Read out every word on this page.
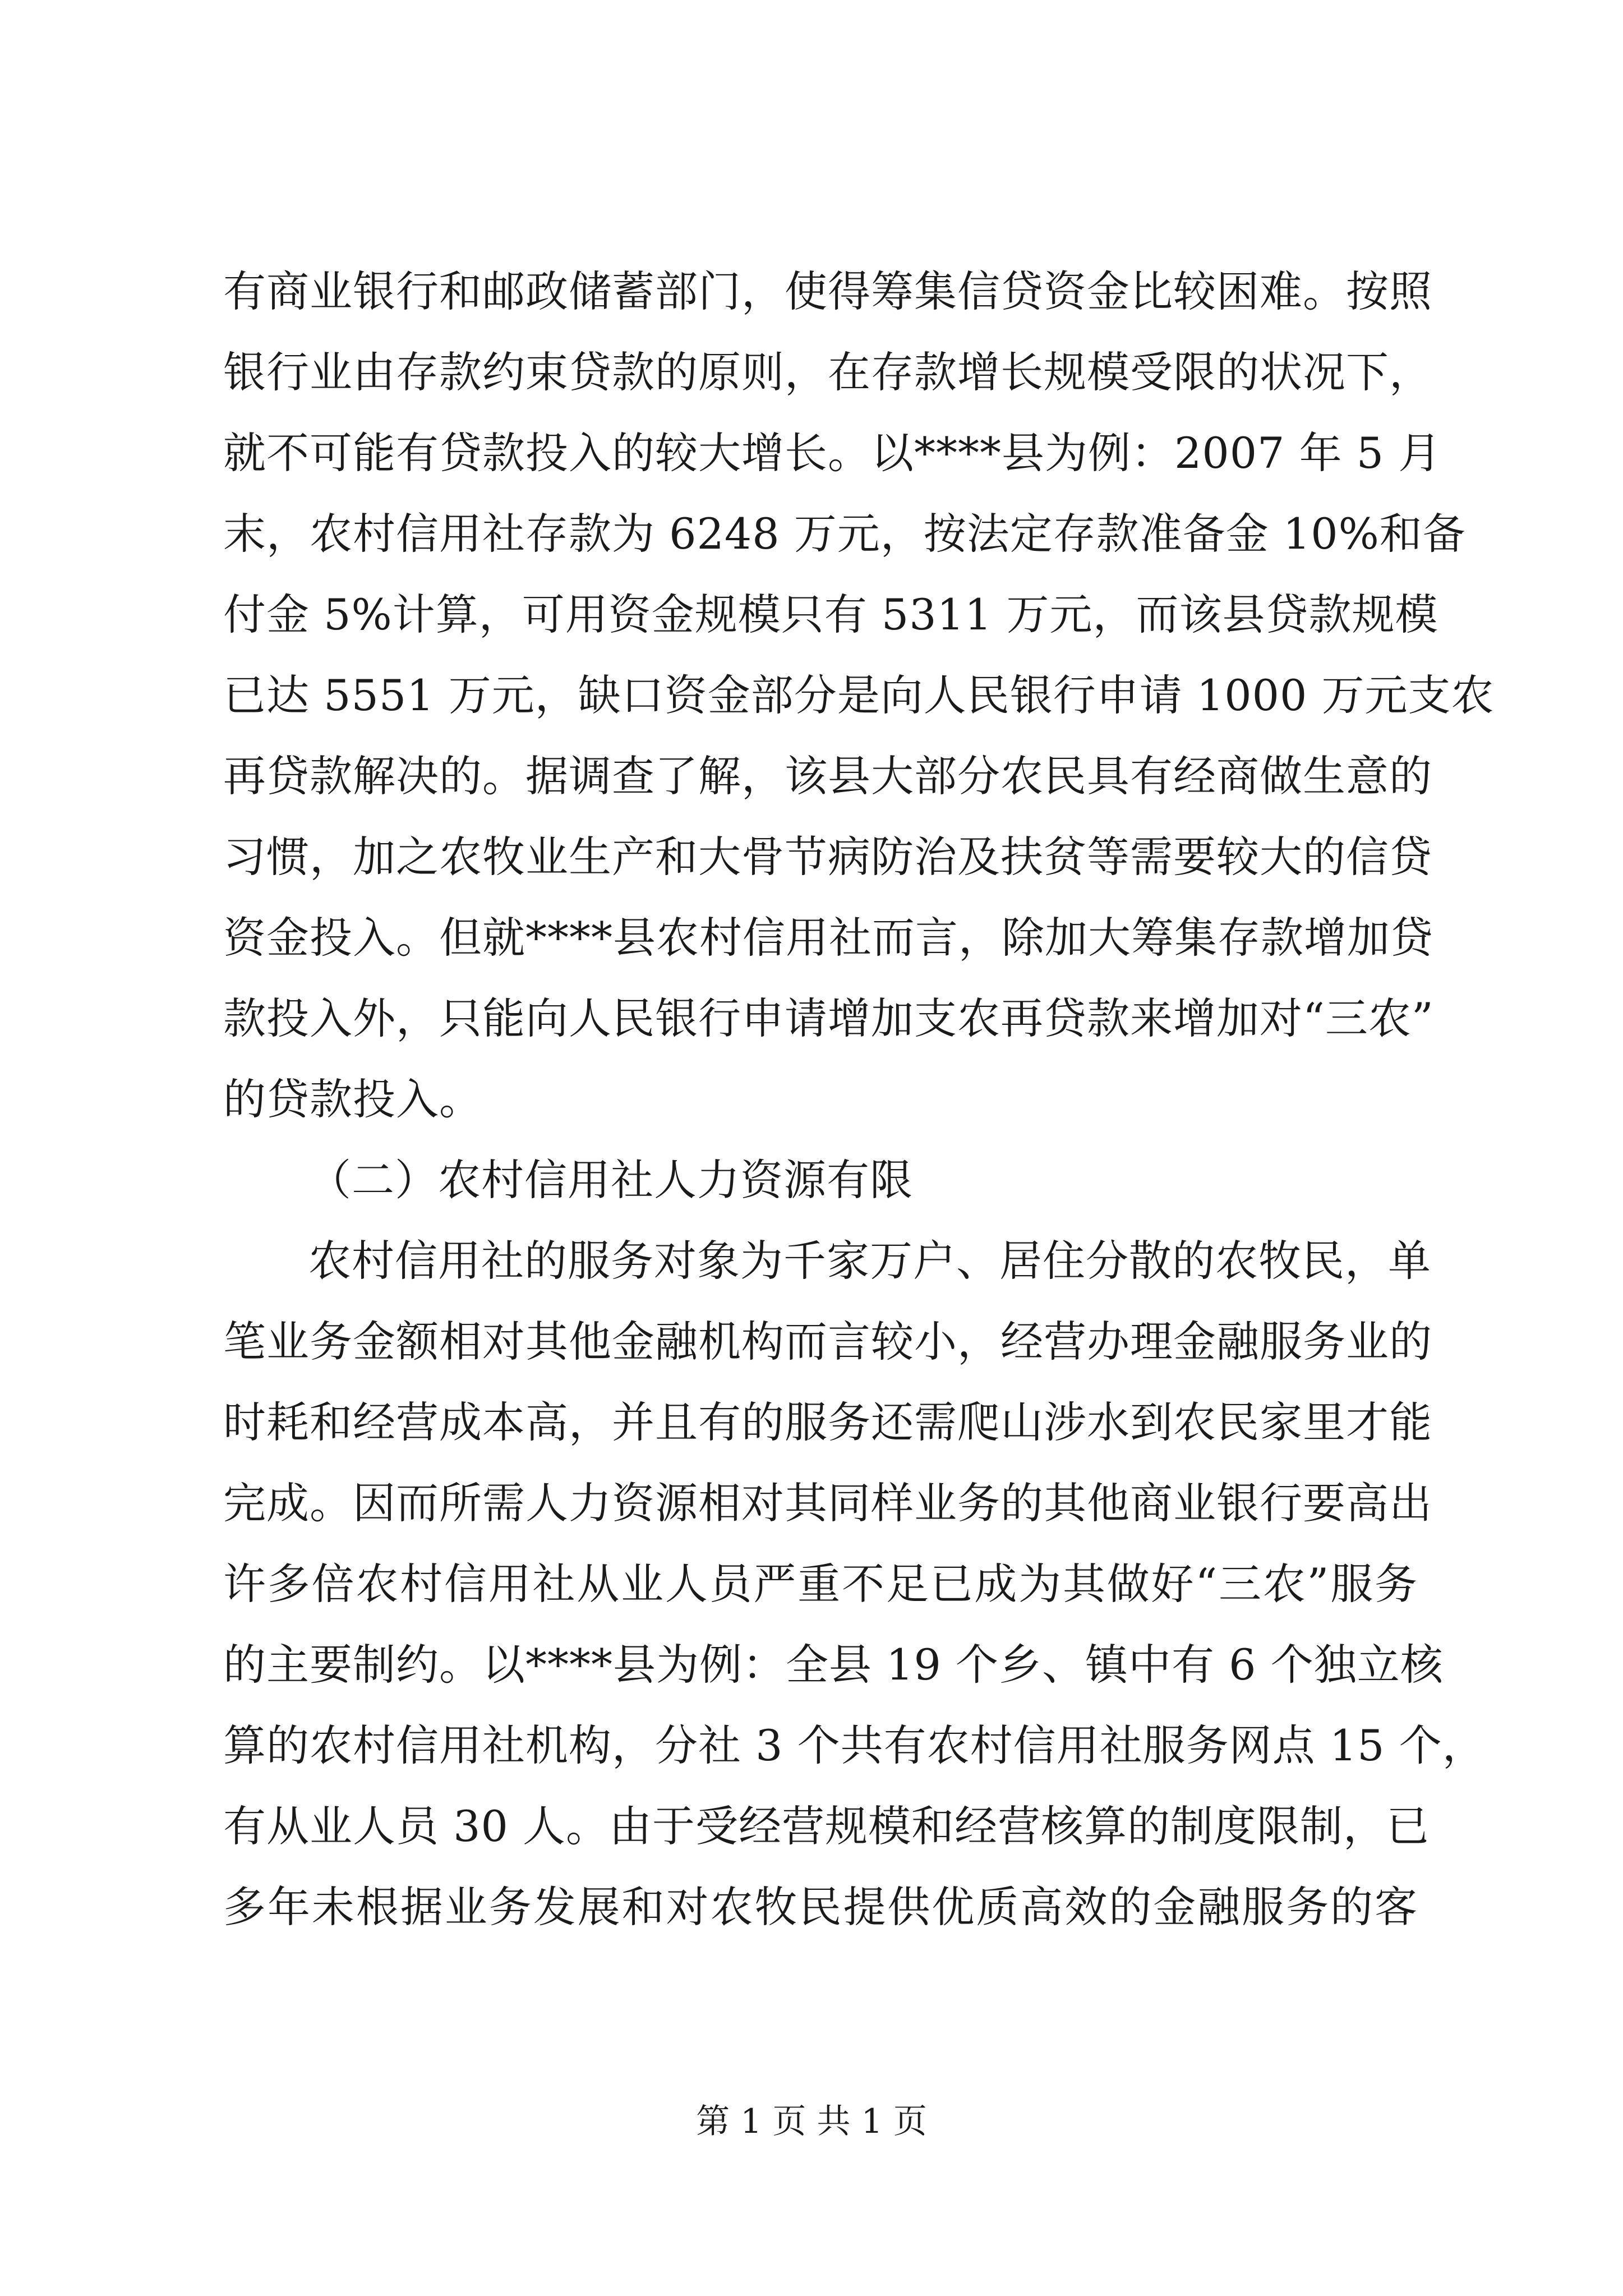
有商业银行和邮政储蓄部门，使得筹集信贷资金比较困难。按照
银行业由存款约束贷款的原则，在存款增长规模受限的状况下，
就不可能有贷款投入的较大增长。以****县为例：2007 年 5 月
末，农村信用社存款为 6248 万元，按法定存款准备金 10%和备
付金 5%计算，可用资金规模只有 5311 万元，而该县贷款规模
已达 5551 万元，缺口资金部分是向人民银行申请 1000 万元支农
再贷款解决的。据调查了解，该县大部分农民具有经商做生意的
习惯，加之农牧业生产和大骨节病防治及扶贫等需要较大的信贷
资金投入。但就****县农村信用社而言，除加大筹集存款增加贷
款投入外，只能向人民银行申请增加支农再贷款来增加对“三农”
的贷款投入。
（二）农村信用社人力资源有限
农村信用社的服务对象为千家万户、居住分散的农牧民，单
笔业务金额相对其他金融机构而言较小，经营办理金融服务业的
时耗和经营成本高，并且有的服务还需爬山涉水到农民家里才能
完成。因而所需人力资源相对其同样业务的其他商业银行要高出
许多倍农村信用社从业人员严重不足已成为其做好“三农”服务
的主要制约。以****县为例：全县 19 个乡、镇中有 6 个独立核
算的农村信用社机构，分社 3 个共有农村信用社服务网点 15 个，
有从业人员 30 人。由于受经营规模和经营核算的制度限制，已
多年未根据业务发展和对农牧民提供优质高效的金融服务的客
第 1 页 共 1 页
